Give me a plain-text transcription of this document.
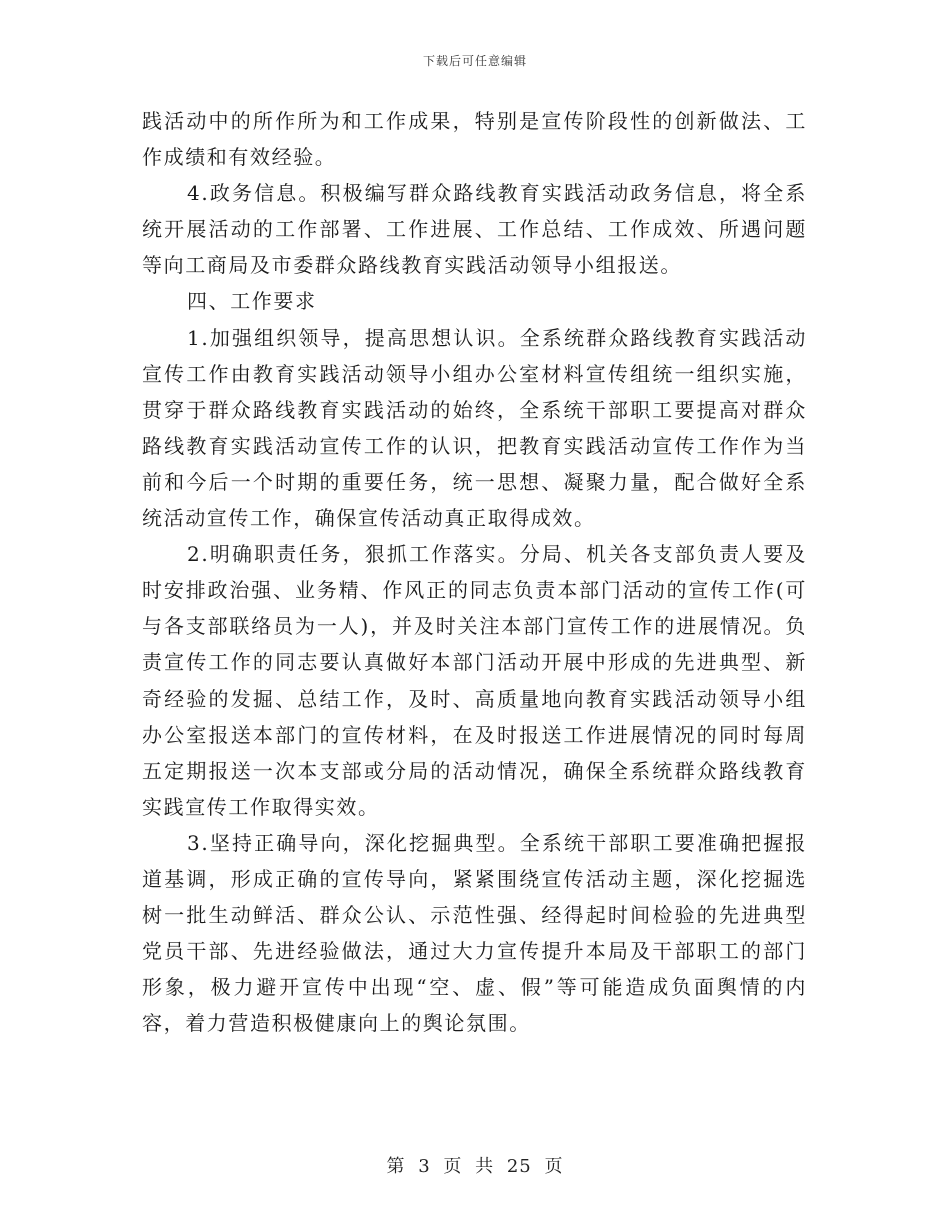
下载后可任意编辑

践活动中的所作所为和工作成果，特别是宣传阶段性的创新做法、工作成绩和有效经验。

4.政务信息。积极编写群众路线教育实践活动政务信息，将全系统开展活动的工作部署、工作进展、工作总结、工作成效、所遇问题等向工商局及市委群众路线教育实践活动领导小组报送。

四、工作要求

1.加强组织领导，提高思想认识。全系统群众路线教育实践活动宣传工作由教育实践活动领导小组办公室材料宣传组统一组织实施，贯穿于群众路线教育实践活动的始终，全系统干部职工要提高对群众路线教育实践活动宣传工作的认识，把教育实践活动宣传工作作为当前和今后一个时期的重要任务，统一思想、凝聚力量，配合做好全系统活动宣传工作，确保宣传活动真正取得成效。

2.明确职责任务，狠抓工作落实。分局、机关各支部负责人要及时安排政治强、业务精、作风正的同志负责本部门活动的宣传工作(可与各支部联络员为一人)，并及时关注本部门宣传工作的进展情况。负责宣传工作的同志要认真做好本部门活动开展中形成的先进典型、新奇经验的发掘、总结工作，及时、高质量地向教育实践活动领导小组办公室报送本部门的宣传材料，在及时报送工作进展情况的同时每周五定期报送一次本支部或分局的活动情况，确保全系统群众路线教育实践宣传工作取得实效。

3.坚持正确导向，深化挖掘典型。全系统干部职工要准确把握报道基调，形成正确的宣传导向，紧紧围绕宣传活动主题，深化挖掘选树一批生动鲜活、群众公认、示范性强、经得起时间检验的先进典型党员干部、先进经验做法，通过大力宣传提升本局及干部职工的部门形象，极力避开宣传中出现“空、虚、假”等可能造成负面舆情的内容，着力营造积极健康向上的舆论氛围。

第 3 页 共 25 页
